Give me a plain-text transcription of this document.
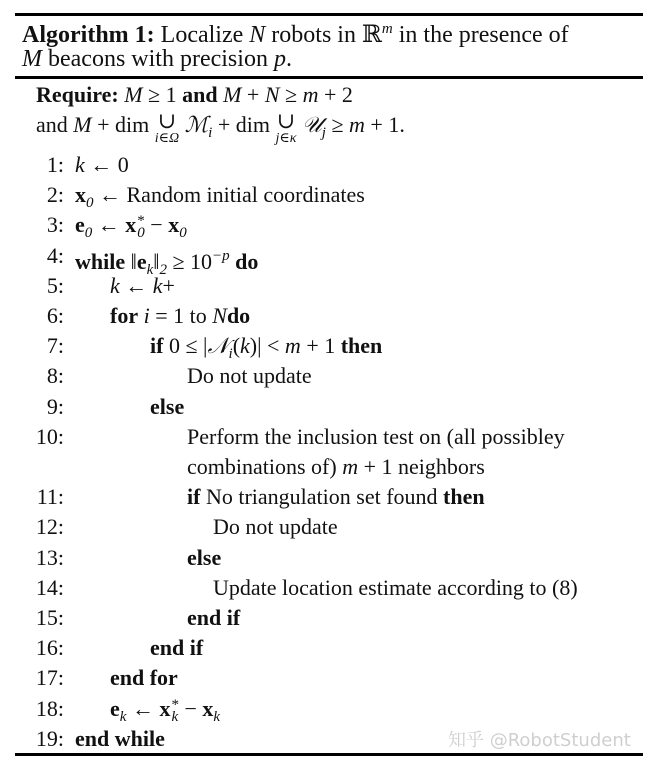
Algorithm 1: Localize N robots in ℝ$^m$ in the presence of
M beacons with precision p.
Require: M ≥ 1 and M + N ≥ m + 2
and M + dim ∪
i∈Ω
ℳ$_i$ + dim ∪
j∈κ
𝒰$_j$ ≥ m + 1.
1: k ← 0
2: $x_0$ ← Random initial coordinates
3: $e_0$ ← x *
$0 - x_0$
4: while $‖e_k‖_2 \ge 10^{-p}$ do
5: k ← k+
6: for i = 1 to Ndo
7:	if 0 ≤ |𝒩$_i$(k)| < m + 1 then
8:	Do not update
9:	else
10:	Perform the inclusion test on (all possibley
combinations of) m + 1 neighbors
11:	if No triangulation set found then
12:	Do not update
13:	else
14:	Update location estimate according to (8)
15:	end if
16:	end if
17: end for
18: $e_k$ ← x *
$k - x_k$
19: end while	知乎 @RobotStudent
